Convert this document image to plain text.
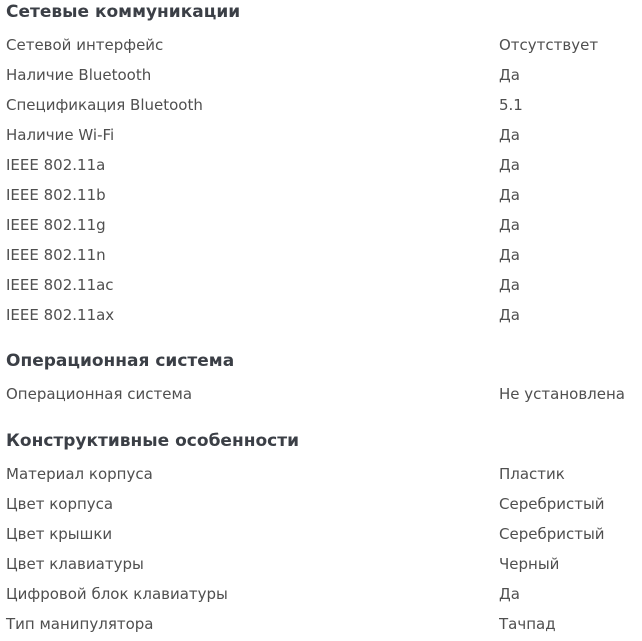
Сетевые коммуникации
Сетевой интерфейс	Отсутствует
Наличие Bluetooth	Да
Спецификация Bluetooth	5.1
Наличие Wi-Fi	Да
IEEE 802.11a	Да
IEEE 802.11b	Да
IEEE 802.11g	Да
IEEE 802.11n	Да
IEEE 802.11ac	Да
IEEE 802.11ax	Да
Операционная система
Операционная система	Не установлена
Конструктивные особенности
Материал корпуса	Пластик
Цвет корпуса	Серебристый
Цвет крышки	Серебристый
Цвет клавиатуры	Черный
Цифровой блок клавиатуры	Да
Тип манипулятора	Тачпад
